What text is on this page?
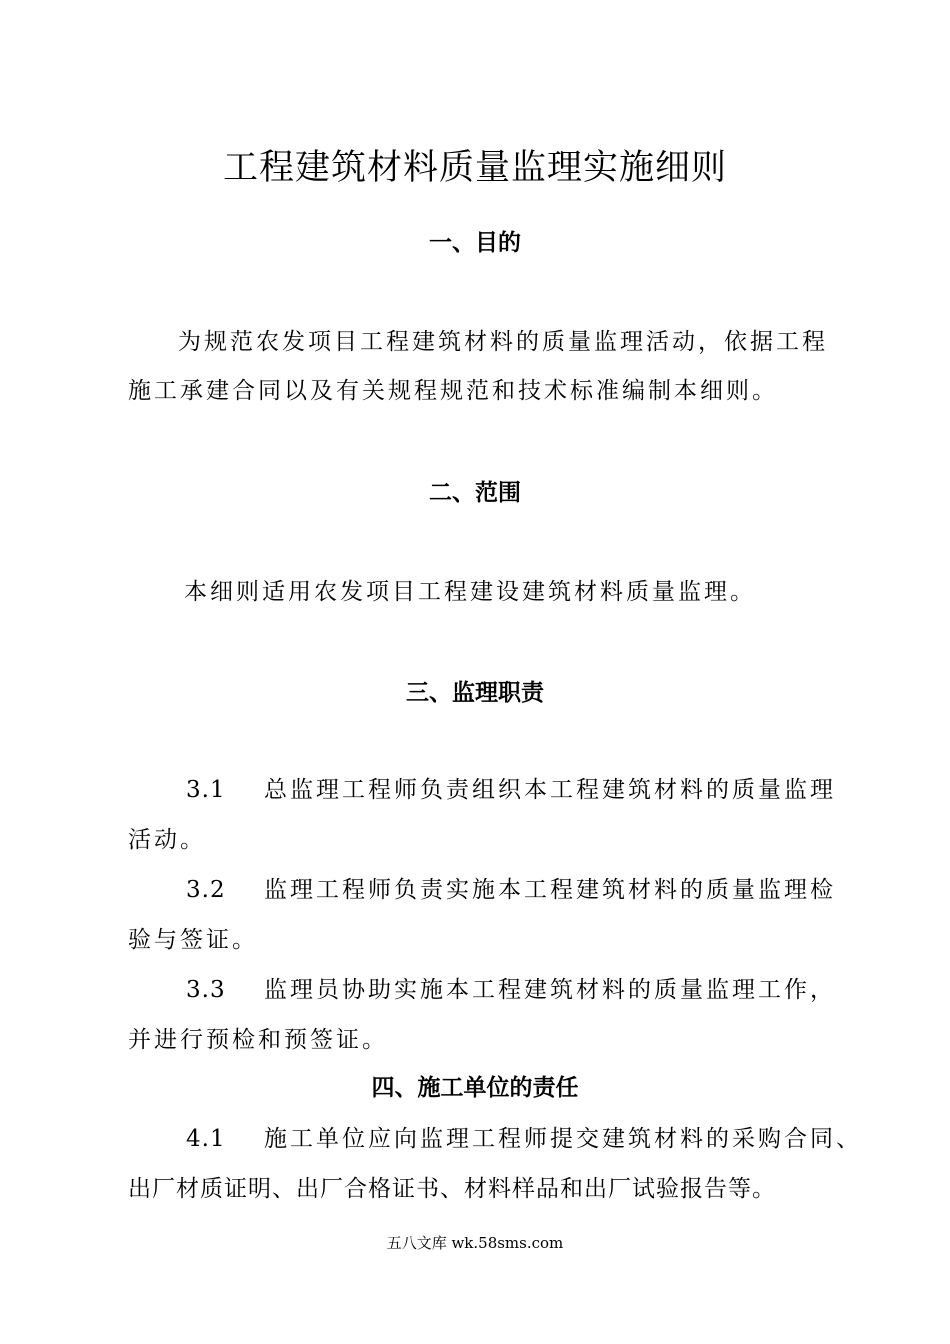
工程建筑材料质量监理实施细则
一、目的

为规范农发项目工程建筑材料的质量监理活动，依据工程

施工承建合同以及有关规程规范和技术标准编制本细则。

二、范围

本细则适用农发项目工程建设建筑材料质量监理。

三、监理职责

3.1 总监理工程师负责组织本工程建筑材料的质量监理

活动。

3.2 监理工程师负责实施本工程建筑材料的质量监理检

验与签证。

3.3 监理员协助实施本工程建筑材料的质量监理工作，

并进行预检和预签证。

四、施工单位的责任

4.1 施工单位应向监理工程师提交建筑材料的采购合同、

出厂材质证明、出厂合格证书、材料样品和出厂试验报告等。

五八文库 wk.58sms.com
